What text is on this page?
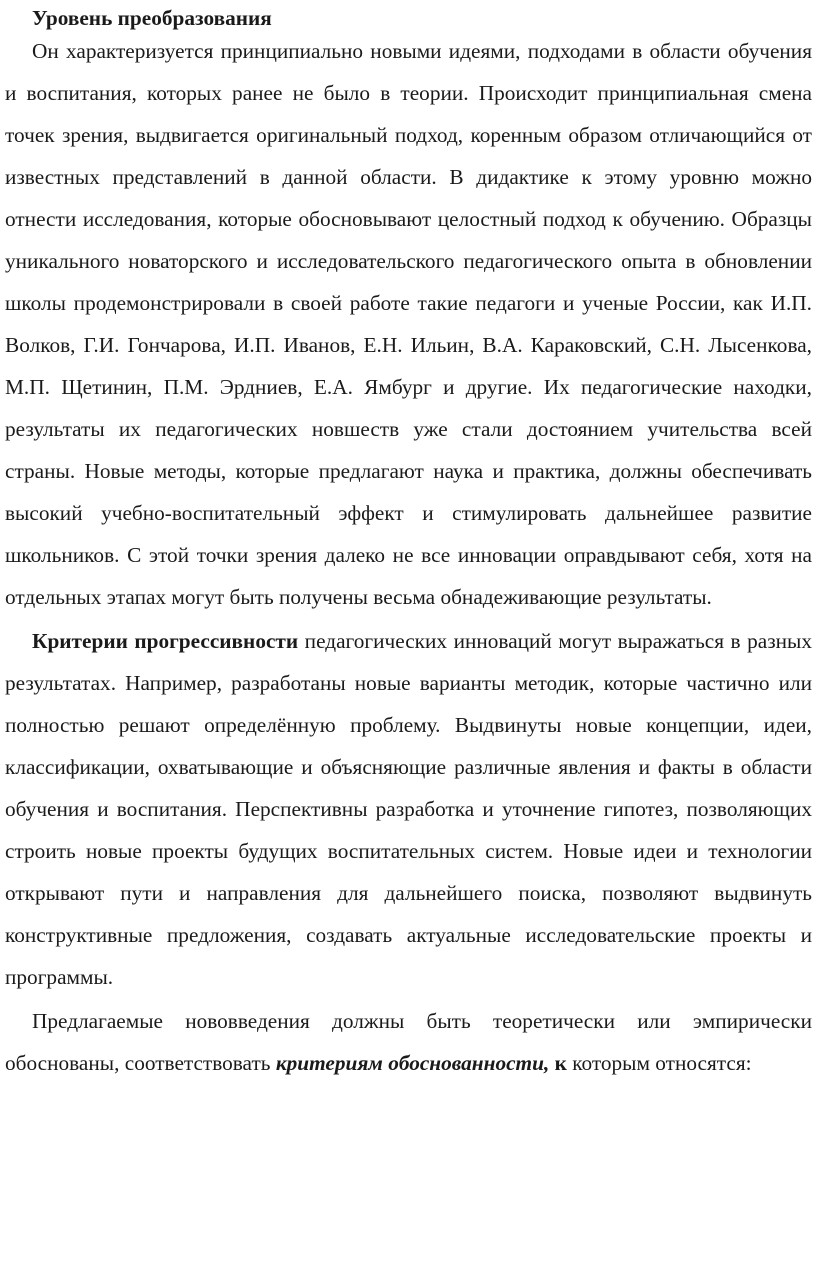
Уровень преобразования

Он характеризуется принципиально новыми идеями, подходами в области обучения и воспитания, которых ранее не было в теории. Происходит принципиальная смена точек зрения, выдвигается оригинальный подход, коренным образом отличающийся от известных представлений в данной области. В дидактике к этому уровню можно отнести исследования, которые обосновывают целостный подход к обучению. Образцы уникального новаторского и исследовательского педагогического опыта в обновлении школы продемонстрировали в своей работе такие педагоги и ученые России, как И.П. Волков, Г.И. Гончарова, И.П. Иванов, Е.Н. Ильин, В.А. Караковский, С.Н. Лысенкова, М.П. Щетинин, П.М. Эрдниев, Е.А. Ямбург и другие. Их педагогические находки, результаты их педагогических новшеств уже стали достоянием учительства всей страны. Новые методы, которые предлагают наука и практика, должны обеспечивать высокий учебно-воспитательный эффект и стимулировать дальнейшее развитие школьников. С этой точки зрения далеко не все инновации оправдывают себя, хотя на отдельных этапах могут быть получены весьма обнадеживающие результаты.

Критерии прогрессивности педагогических инноваций могут выражаться в разных результатах. Например, разработаны новые варианты методик, которые частично или полностью решают определённую проблему. Выдвинуты новые концепции, идеи, классификации, охватывающие и объясняющие различные явления и факты в области обучения и воспитания. Перспективны разработка и уточнение гипотез, позволяющих строить новые проекты будущих воспитательных систем. Новые идеи и технологии открывают пути и направления для дальнейшего поиска, позволяют выдвинуть конструктивные предложения, создавать актуальные исследовательские проекты и программы.

Предлагаемые нововведения должны быть теоретически или эмпирически обоснованы, соответствовать критериям обоснованности, к которым относятся:
